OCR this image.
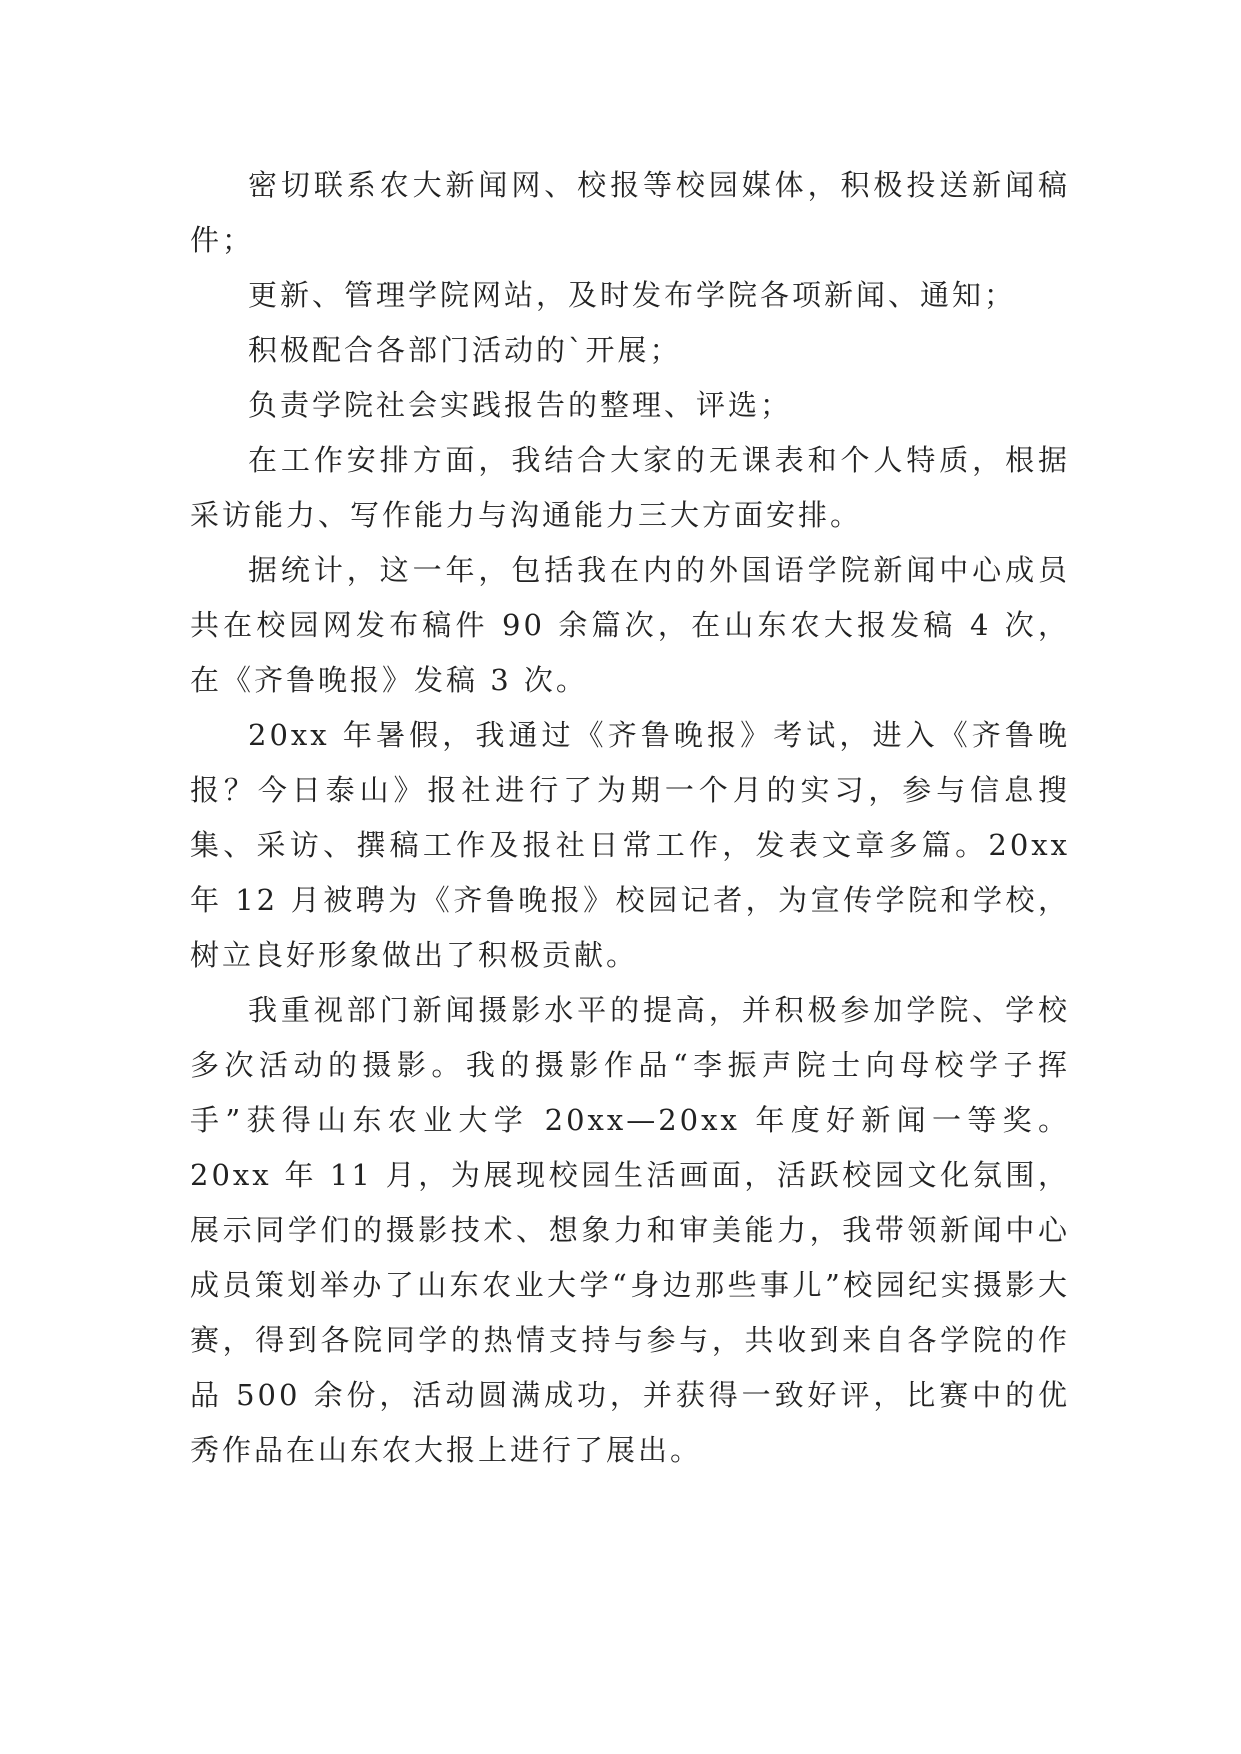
密切联系农大新闻网、校报等校园媒体，积极投送新闻稿件；

更新、管理学院网站，及时发布学院各项新闻、通知；

积极配合各部门活动的`开展；

负责学院社会实践报告的整理、评选；

在工作安排方面，我结合大家的无课表和个人特质，根据采访能力、写作能力与沟通能力三大方面安排。

据统计，这一年，包括我在内的外国语学院新闻中心成员共在校园网发布稿件 90 余篇次，在山东农大报发稿 4 次，在《齐鲁晚报》发稿 3 次。

20xx 年暑假，我通过《齐鲁晚报》考试，进入《齐鲁晚报？今日泰山》报社进行了为期一个月的实习，参与信息搜集、采访、撰稿工作及报社日常工作，发表文章多篇。20xx 年 12 月被聘为《齐鲁晚报》校园记者，为宣传学院和学校，树立良好形象做出了积极贡献。

我重视部门新闻摄影水平的提高，并积极参加学院、学校多次活动的摄影。我的摄影作品“李振声院士向母校学子挥手”获得山东农业大学 20xx—20xx 年度好新闻一等奖。20xx 年 11 月，为展现校园生活画面，活跃校园文化氛围，展示同学们的摄影技术、想象力和审美能力，我带领新闻中心成员策划举办了山东农业大学“身边那些事儿”校园纪实摄影大赛，得到各院同学的热情支持与参与，共收到来自各学院的作品 500 余份，活动圆满成功，并获得一致好评，比赛中的优秀作品在山东农大报上进行了展出。
